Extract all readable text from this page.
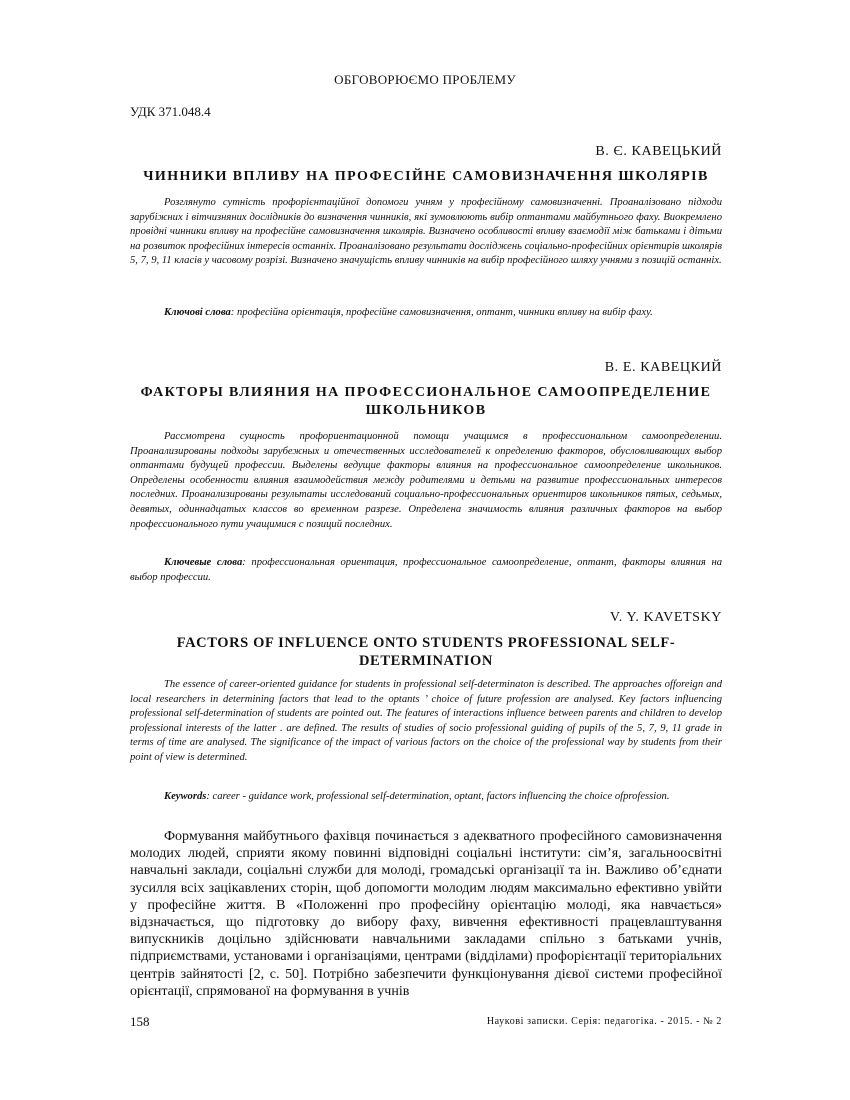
ОБГОВОРЮЄМО ПРОБЛЕМУ
УДК 371.048.4
В. Є. КАВЕЦЬКИЙ
ЧИННИКИ ВПЛИВУ НА ПРОФЕСІЙНЕ САМОВИЗНАЧЕННЯ ШКОЛЯРІВ
Розглянуто сутність профорієнтаційної допомоги учням у професійному самовизначенні. Проаналізовано підходи зарубіжних і вітчизняних дослідників до визначення чинників, які зумовлюють вибір оптантами майбутнього фаху. Виокремлено провідні чинники впливу на професійне самовизначення школярів. Визначено особливості впливу взаємодії між батьками і дітьми на розвиток професійних інтересів останніх. Проаналізовано результати досліджень соціально-професійних орієнтирів школярів 5, 7, 9, 11 класів у часовому розрізі. Визначено значущість впливу чинників на вибір професійного шляху учнями з позицій останніх.
Ключові слова: професійна орієнтація, професійне самовизначення, оптант, чинники впливу на вибір фаху.
В. Е. КАВЕЦКИЙ
ФАКТОРЫ ВЛИЯНИЯ НА ПРОФЕССИОНАЛЬНОЕ САМООПРЕДЕЛЕНИЕ ШКОЛЬНИКОВ
Рассмотрена сущность профориентационной помощи учащимся в профессиональном самоопределении. Проанализированы подходы зарубежных и отечественных исследователей к определению факторов, обусловливающих выбор оптантами будущей профессии. Выделены ведущие факторы влияния на профессиональное самоопределение школьников. Определены особенности влияния взаимодействия между родителями и детьми на развитие профессиональных интересов последних. Проанализированы результаты исследований социально-профессиональных ориентиров школьников пятых, седьмых, девятых, одиннадцатых классов во временном разрезе. Определена значимость влияния различных факторов на выбор профессионального пути учащимися с позиций последних.
Ключевые слова: профессиональная ориентация, профессиональное самоопределение, оптант, факторы влияния на выбор профессии.
V. Y. KAVETSKY
FACTORS OF INFLUENCE ONTO STUDENTS PROFESSIONAL SELF-DETERMINATION
The essence of career-oriented guidance for students in professional self-determinaton is described. The approaches offoreign and local researchers in determining factors that lead to the optants ’ choice of future profession are analysed. Key factors influencing professional self-determination of students are pointed out. The features of interactions influence between parents and children to develop professional interests of the latter . are defined. The results of studies of socio professional guiding of pupils of the 5, 7, 9, 11 grade in terms of time are analysed. The significance of the impact of various factors on the choice of the professional way by students from their point of view is determined.
Keywords: career - guidance work, professional self-determination, optant, factors influencing the choice ofprofession.
Формування майбутнього фахівця починається з адекватного професійного самовизначення молодих людей, сприяти якому повинні відповідні соціальні інститути: сім’я, загальноосвітні навчальні заклади, соціальні служби для молоді, громадські організації та ін. Важливо об’єднати зусилля всіх зацікавлених сторін, щоб допомогти молодим людям максимально ефективно увійти у професійне життя. В «Положенні про професійну орієнтацію молоді, яка навчається» відзначається, що підготовку до вибору фаху, вивчення ефективності працевлаштування випускників доцільно здійснювати навчальними закладами спільно з батьками учнів, підприємствами, установами і організаціями, центрами (відділами) профорієнтації територіальних центрів зайнятості [2, с. 50]. Потрібно забезпечити функціонування дієвої системи професійної орієнтації, спрямованої на формування в учнів
158	Наукові записки. Серія: педагогіка. - 2015. - № 2
